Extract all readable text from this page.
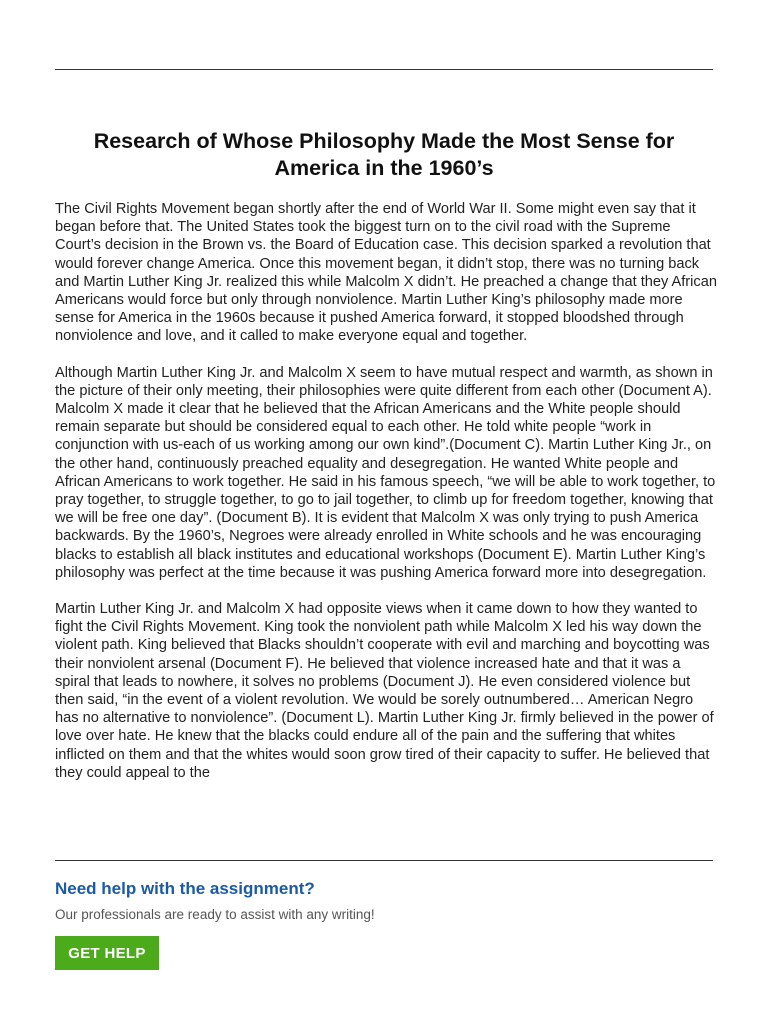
Research of Whose Philosophy Made the Most Sense for America in the 1960’s

The Civil Rights Movement began shortly after the end of World War II. Some might even say that it began before that. The United States took the biggest turn on to the civil road with the Supreme Court’s decision in the Brown vs. the Board of Education case. This decision sparked a revolution that would forever change America. Once this movement began, it didn’t stop, there was no turning back and Martin Luther King Jr. realized this while Malcolm X didn’t. He preached a change that they African Americans would force but only through nonviolence. Martin Luther King’s philosophy made more sense for America in the 1960s because it pushed America forward, it stopped bloodshed through nonviolence and love, and it called to make everyone equal and together.

Although Martin Luther King Jr. and Malcolm X seem to have mutual respect and warmth, as shown in the picture of their only meeting, their philosophies were quite different from each other (Document A). Malcolm X made it clear that he believed that the African Americans and the White people should remain separate but should be considered equal to each other. He told white people “work in conjunction with us-each of us working among our own kind”.(Document C). Martin Luther King Jr., on the other hand, continuously preached equality and desegregation. He wanted White people and African Americans to work together. He said in his famous speech, “we will be able to work together, to pray together, to struggle together, to go to jail together, to climb up for freedom together, knowing that we will be free one day”. (Document B). It is evident that Malcolm X was only trying to push America backwards. By the 1960’s, Negroes were already enrolled in White schools and he was encouraging blacks to establish all black institutes and educational workshops (Document E). Martin Luther King’s philosophy was perfect at the time because it was pushing America forward more into desegregation.

Martin Luther King Jr. and Malcolm X had opposite views when it came down to how they wanted to fight the Civil Rights Movement. King took the nonviolent path while Malcolm X led his way down the violent path. King believed that Blacks shouldn’t cooperate with evil and marching and boycotting was their nonviolent arsenal (Document F). He believed that violence increased hate and that it was a spiral that leads to nowhere, it solves no problems (Document J). He even considered violence but then said, “in the event of a violent revolution. We would be sorely outnumbered… American Negro has no alternative to nonviolence”. (Document L). Martin Luther King Jr. firmly believed in the power of love over hate. He knew that the blacks could endure all of the pain and the suffering that whites inflicted on them and that the whites would soon grow tired of their capacity to suffer. He believed that they could appeal to the

Need help with the assignment?

Our professionals are ready to assist with any writing!

GET HELP
